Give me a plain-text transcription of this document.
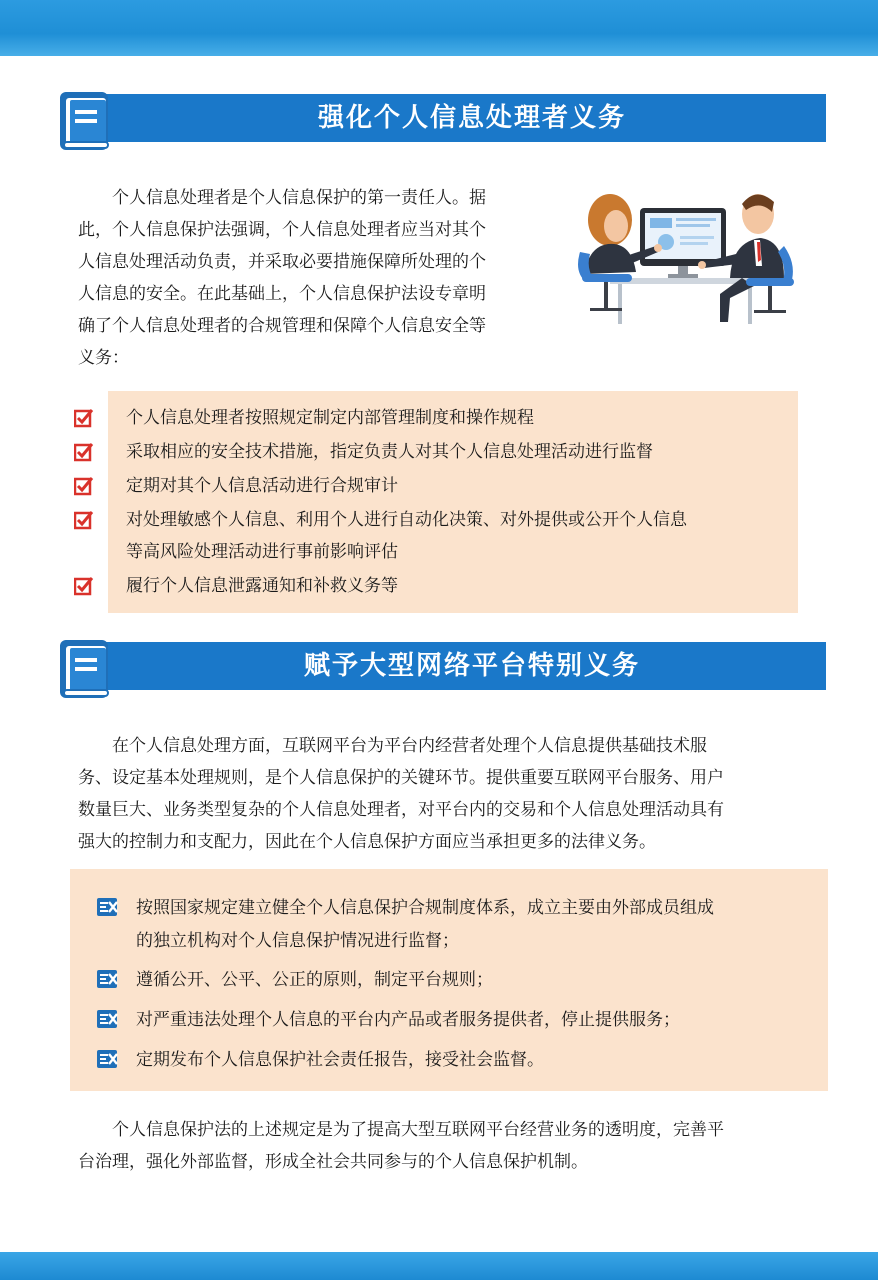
强化个人信息处理者义务
个人信息处理者是个人信息保护的第一责任人。据
此，个人信息保护法强调，个人信息处理者应当对其个
人信息处理活动负责，并采取必要措施保障所处理的个
人信息的安全。在此基础上，个人信息保护法设专章明
确了个人信息处理者的合规管理和保障个人信息安全等
义务：
个人信息处理者按照规定制定内部管理制度和操作规程
采取相应的安全技术措施，指定负责人对其个人信息处理活动进行监督
定期对其个人信息活动进行合规审计
对处理敏感个人信息、利用个人进行自动化决策、对外提供或公开个人信息
等高风险处理活动进行事前影响评估
履行个人信息泄露通知和补救义务等
赋予大型网络平台特别义务
在个人信息处理方面，互联网平台为平台内经营者处理个人信息提供基础技术服
务、设定基本处理规则，是个人信息保护的关键环节。提供重要互联网平台服务、用户
数量巨大、业务类型复杂的个人信息处理者，对平台内的交易和个人信息处理活动具有
强大的控制力和支配力，因此在个人信息保护方面应当承担更多的法律义务。
按照国家规定建立健全个人信息保护合规制度体系，成立主要由外部成员组成
的独立机构对个人信息保护情况进行监督；
遵循公开、公平、公正的原则，制定平台规则；
对严重违法处理个人信息的平台内产品或者服务提供者，停止提供服务；
定期发布个人信息保护社会责任报告，接受社会监督。
个人信息保护法的上述规定是为了提高大型互联网平台经营业务的透明度，完善平
台治理，强化外部监督，形成全社会共同参与的个人信息保护机制。
